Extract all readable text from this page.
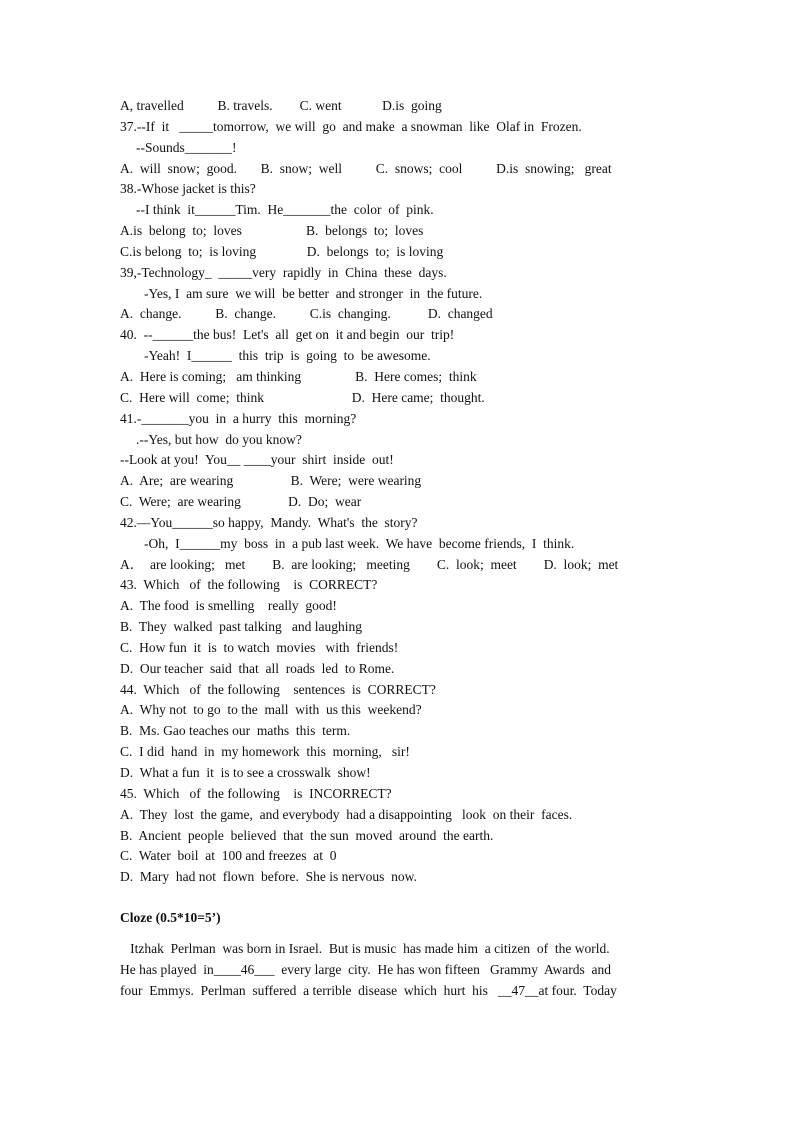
A, travelled          B. travels.        C. went            D.is  going
37.--If  it   _____tomorrow,  we will  go  and make  a snowman  like  Olaf in  Frozen.
--Sounds_______!
A.  will  snow;  good.       B.  snow;  well          C.  snows;  cool          D.is  snowing;   great
38.-Whose jacket is this?
--I think  it______Tim.  He_______the  color  of  pink.
A.is  belong  to;  loves                   B.  belongs  to;  loves
C.is belong  to;  is loving               D.  belongs  to;  is loving
39,-Technology_  _____very  rapidly  in  China  these  days.
-Yes, I  am sure  we will  be better  and stronger  in  the future.
A.  change.          B.  change.          C.is  changing.           D.  changed
40.  --______the bus!  Let's  all  get on  it and begin  our  trip!
-Yeah!  I______  this  trip  is  going  to  be awesome.
A.  Here is coming;   am thinking                B.  Here comes;  think
C.  Here will  come;  think                          D.  Here came;  thought.
41.-_______you  in  a hurry  this  morning?
.--Yes, but how  do you know?
--Look at you!  You__ ____your  shirt  inside  out!
A.  Are;  are wearing                 B.  Were;  were wearing
C.  Were;  are wearing              D.  Do;  wear
42.—You______so happy,  Mandy.  What's  the  story?
-Oh,  I______my  boss  in  a pub last week.  We have  become friends,  I  think.
A．  are looking;   met        B.  are looking;   meeting        C.  look;  meet        D.  look;  met
43.  Which   of  the following    is  CORRECT?
A.  The food  is smelling    really  good!
B.  They  walked  past talking   and laughing
C.  How fun  it  is  to watch  movies   with  friends!
D.  Our teacher  said  that  all  roads  led  to Rome.
44.  Which   of  the following    sentences  is  CORRECT?
A.  Why not  to go  to the  mall  with  us this  weekend?
B.  Ms. Gao teaches our  maths  this  term.
C.  I did  hand  in  my homework  this  morning,   sir!
D.  What a fun  it  is to see a crosswalk  show!
45.  Which   of  the following    is  INCORRECT?
A.  They  lost  the game,  and everybody  had a disappointing   look  on their  faces.
B.  Ancient  people  believed  that  the sun  moved  around  the earth.
C.  Water  boil  at  100 and freezes  at  0
D.  Mary  had not  flown  before.  She is nervous  now.
Cloze (0.5*10=5’)
Itzhak  Perlman  was born in Israel.  But is music  has made him  a citizen  of  the world.
He has played  in____46___  every large  city.  He has won fifteen   Grammy  Awards  and
four  Emmys.  Perlman  suffered  a terrible  disease  which  hurt  his   __47__at four.  Today
